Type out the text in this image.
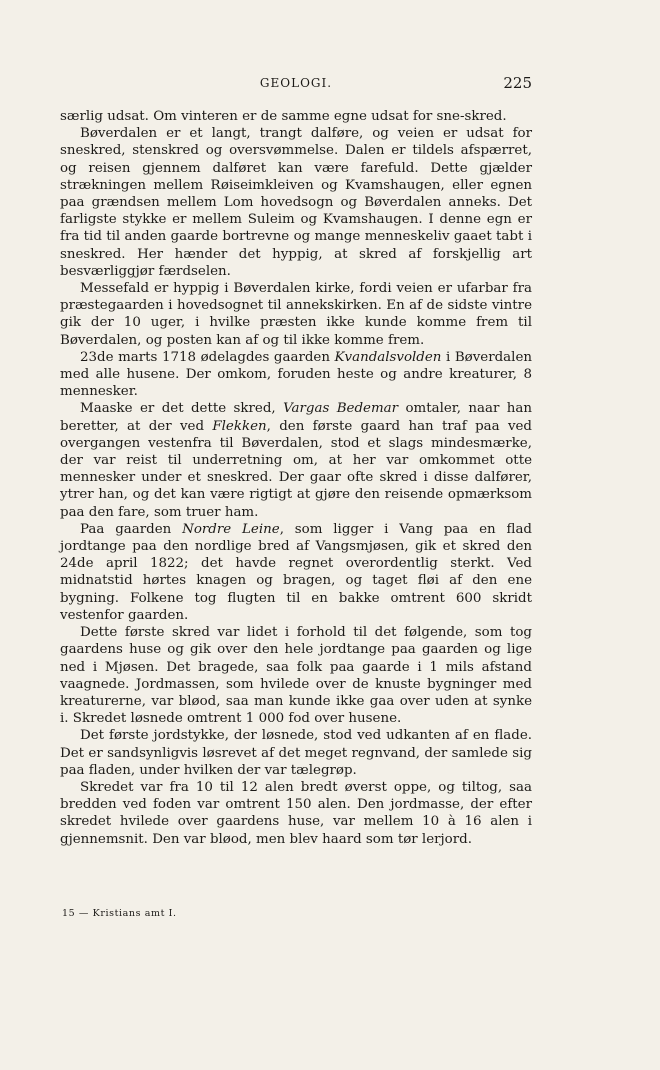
GEOLOGI.	225

særlig udsat. Om vinteren er de samme egne udsat for sne-skred.

Bøverdalen er et langt, trangt dalføre, og veien er udsat for sneskred, stenskred og oversvømmelse. Dalen er tildels afspærret, og reisen gjennem dalføret kan være farefuld. Dette gjælder strækningen mellem Røiseimkleiven og Kvamshaugen, eller egnen paa grændsen mellem Lom hovedsogn og Bøverdalen anneks. Det farligste stykke er mellem Suleim og Kvamshaugen. I denne egn er fra tid til anden gaarde bortrevne og mange menneskeliv gaaet tabt i sneskred. Her hænder det hyppig, at skred af forskjellig art besværliggjør færdselen.

Messefald er hyppig i Bøverdalen kirke, fordi veien er ufarbar fra præstegaarden i hovedsognet til annekskirken. En af de sidste vintre gik der 10 uger, i hvilke præsten ikke kunde komme frem til Bøverdalen, og posten kan af og til ikke komme frem.

23de marts 1718 ødelagdes gaarden Kvandalsvolden i Bøverdalen med alle husene. Der omkom, foruden heste og andre kreaturer, 8 mennesker.

Maaske er det dette skred, Vargas Bedemar omtaler, naar han beretter, at der ved Flekken, den første gaard han traf paa ved overgangen vestenfra til Bøverdalen, stod et slags mindesmærke, der var reist til underretning om, at her var omkommet otte mennesker under et sneskred. Der gaar ofte skred i disse dalfører, ytrer han, og det kan være rigtigt at gjøre den reisende opmærksom paa den fare, som truer ham.

Paa gaarden Nordre Leine, som ligger i Vang paa en flad jordtange paa den nordlige bred af Vangsmjøsen, gik et skred den 24de april 1822; det havde regnet overordentlig sterkt. Ved midnatstid hørtes knagen og bragen, og taget fløi af den ene bygning. Folkene tog flugten til en bakke omtrent 600 skridt vestenfor gaarden.

Dette første skred var lidet i forhold til det følgende, som tog gaardens huse og gik over den hele jordtange paa gaarden og lige ned i Mjøsen. Det bragede, saa folk paa gaarde i 1 mils afstand vaagnede. Jordmassen, som hvilede over de knuste bygninger med kreaturerne, var bløod, saa man kunde ikke gaa over uden at synke i. Skredet løsnede omtrent 1 000 fod over husene.

Det første jordstykke, der løsnede, stod ved udkanten af en flade. Det er sandsynligvis løsrevet af det meget regnvand, der samlede sig paa fladen, under hvilken der var tælegrøp.

Skredet var fra 10 til 12 alen bredt øverst oppe, og tiltog, saa bredden ved foden var omtrent 150 alen. Den jordmasse, der efter skredet hvilede over gaardens huse, var mellem 10 à 16 alen i gjennemsnit. Den var bløod, men blev haard som tør lerjord.

15 — Kristians amt I.
